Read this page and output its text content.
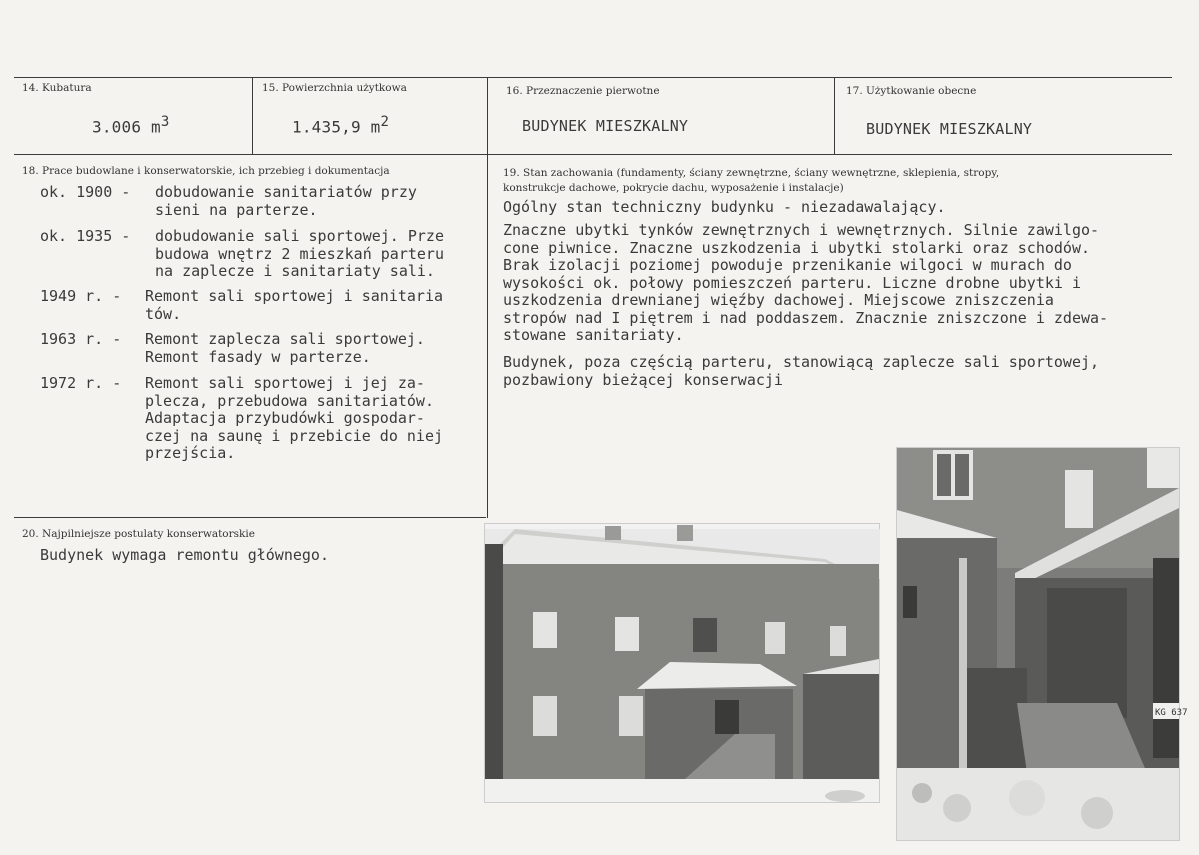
14. Kubatura
3.006 $m^3$
15. Powierzchnia użytkowa
1.435,9 $m^2$
16. Przeznaczenie pierwotne
BUDYNEK MIESZKALNY
17. Użytkowanie obecne
BUDYNEK MIESZKALNY
18. Prace budowlane i konserwatorskie, ich przebieg i dokumentacja
ok. 1900 - dobudowanie sanitariatów przy
sieni na parterze.
ok. 1935 - dobudowanie sali sportowej. Prze
budowa wnętrz 2 mieszkań parteru
na zaplecze i sanitariaty sali.
1949 r. - Remont sali sportowej i sanitaria
tów.
1963 r. - Remont zaplecza sali sportowej.
Remont fasady w parterze.
1972 r. - Remont sali sportowej i jej za-
plecza, przebudowa sanitariatów.
Adaptacja przybudówki gospodar-
czej na saunę i przebicie do niej
przejścia.
19. Stan zachowania (fundamenty, ściany zewnętrzne, ściany wewnętrzne, sklepienia, stropy,
konstrukcje dachowe, pokrycie dachu, wyposażenie i instalacje)
Ogólny stan techniczny budynku - niezadawalający.
Znaczne ubytki tynków zewnętrznych i wewnętrznych. Silnie zawilgo-
cone piwnice. Znaczne uszkodzenia i ubytki stolarki oraz schodów.
Brak izolacji poziomej powoduje przenikanie wilgoci w murach do
wysokości ok. połowy pomieszczeń parteru. Liczne drobne ubytki i
uszkodzenia drewnianej więźby dachowej. Miejscowe zniszczenia
stropów nad I piętrem i nad poddaszem. Znacznie zniszczone i zdewa-
stowane sanitariaty.
Budynek, poza częścią parteru, stanowiącą zaplecze sali sportowej,
pozbawiony bieżącej konserwacji
20. Najpilniejsze postulaty konserwatorskie
Budynek wymaga remontu głównego.
KG 637
